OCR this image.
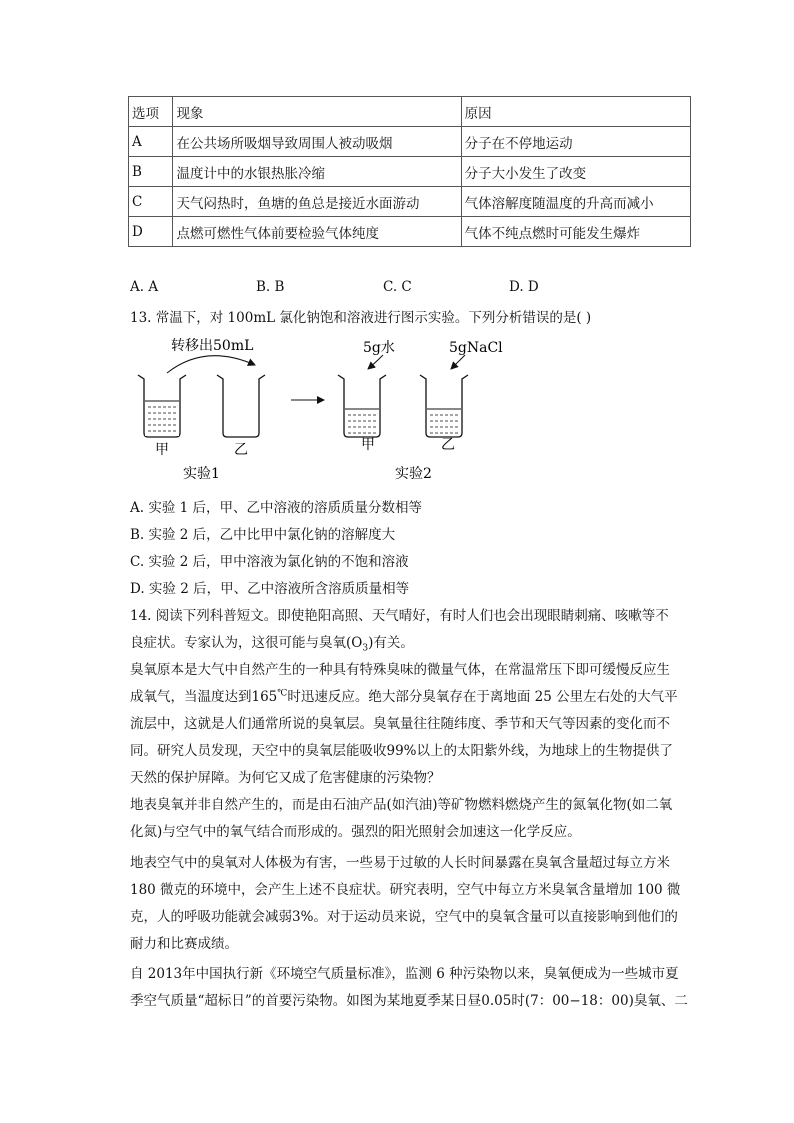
选项	现象	原因
A	在公共场所吸烟导致周围人被动吸烟	分子在不停地运动
B	温度计中的水银热胀冷缩	分子大小发生了改变
C	天气闷热时，鱼塘的鱼总是接近水面游动	气体溶解度随温度的升高而减小
D	点燃可燃性气体前要检验气体纯度	气体不纯点燃时可能发生爆炸
A. A	B. B	C. C	D. D
13. 常温下，对 100mL 氯化钠饱和溶液进行图示实验。下列分析错误的是( )
转移出50mL
甲	乙
5g水
甲
5gNaCl
乙
实验1	实验2
A. 实验 1 后，甲、乙中溶液的溶质质量分数相等
B. 实验 2 后，乙中比甲中氯化钠的溶解度大
C. 实验 2 后，甲中溶液为氯化钠的不饱和溶液
D. 实验 2 后，甲、乙中溶液所含溶质质量相等
14. 阅读下列科普短文。即使艳阳高照、天气晴好，有时人们也会出现眼睛刺痛、咳嗽等不
良症状。专家认为，这很可能与臭氧$(O_3)$有关。
臭氧原本是大气中自然产生的一种具有特殊臭味的微量气体，在常温常压下即可缓慢反应生
成氧气，当温度达到165℃时迅速反应。绝大部分臭氧存在于离地面 25 公里左右处的大气平
流层中，这就是人们通常所说的臭氧层。臭氧量往往随纬度、季节和天气等因素的变化而不
同。研究人员发现，天空中的臭氧层能吸收99%以上的太阳紫外线，为地球上的生物提供了
天然的保护屏障。为何它又成了危害健康的污染物？
地表臭氧并非自然产生的，而是由石油产品(如汽油)等矿物燃料燃烧产生的氮氧化物(如二氧
化氮)与空气中的氧气结合而形成的。强烈的阳光照射会加速这一化学反应。
地表空气中的臭氧对人体极为有害，一些易于过敏的人长时间暴露在臭氧含量超过每立方米
180 微克的环境中，会产生上述不良症状。研究表明，空气中每立方米臭氧含量增加 100 微
克，人的呼吸功能就会减弱3%。对于运动员来说，空气中的臭氧含量可以直接影响到他们的
耐力和比赛成绩。
自 2013年中国执行新《环境空气质量标准》，监测 6 种污染物以来，臭氧便成为一些城市夏
季空气质量“超标日”的首要污染物。如图为某地夏季某日昼0.05时(7：00−18：00)臭氧、二
